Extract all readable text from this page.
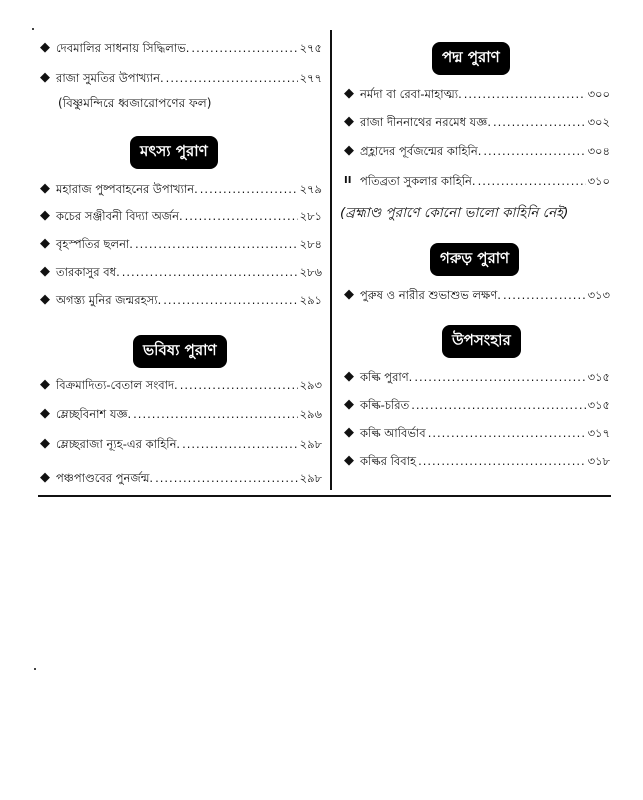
◆ দেবমালির সাধনায় সিদ্ধিলাভ. .....	২৭৫
◆ রাজা সুমতির উপাখ্যান. .....	২৭৭
(বিষ্ণুমন্দিরে ধ্বজারোপণের ফল)
মৎস্য পুরাণ
◆ মহারাজ পুষ্পবাহনের উপাখ্যান. .....	২৭৯
◆ কচের সঞ্জীবনী বিদ্যা অর্জন. .....	২৮১
◆ বৃহস্পতির ছলনা. .....	২৮৪
◆ তারকাসুর বধ. .....	২৮৬
◆ অগস্ত্য মুনির জন্মরহস্য. .....	২৯১
ভবিষ্য পুরাণ
◆ বিক্রমাদিত্য-বেতাল সংবাদ. .....	২৯৩
◆ ম্লেচ্ছবিনাশ যজ্ঞ. .....	২৯৬
◆ ম্লেচ্ছরাজা ন্যূহ-এর কাহিনি. .....	২৯৮
◆ পঞ্চপাণ্ডবের পুনর্জন্ম. .....	২৯৮
পদ্ম পুরাণ
◆ নর্মদা বা রেবা-মাহাত্ম্য. .....	৩০০
◆ রাজা দীননাথের নরমেধ যজ্ঞ. .....	৩০২
◆ প্রহ্লাদের পূর্বজন্মের কাহিনি. .....	৩০৪
II পতিব্রতা সুকলার কাহিনি. .....	৩১০
(ব্রহ্মাণ্ড পুরাণে কোনো ভালো কাহিনি নেই)
গরুড় পুরাণ
◆ পুরুষ ও নারীর শুভাশুভ লক্ষণ. .....	৩১৩
উপসংহার
◆ কল্কি পুরাণ. .....	৩১৫
◆ কল্কি-চরিত .....	৩১৫
◆ কল্কি আবির্ভাব .....	৩১৭
◆ কল্কির বিবাহ .....	৩১৮
